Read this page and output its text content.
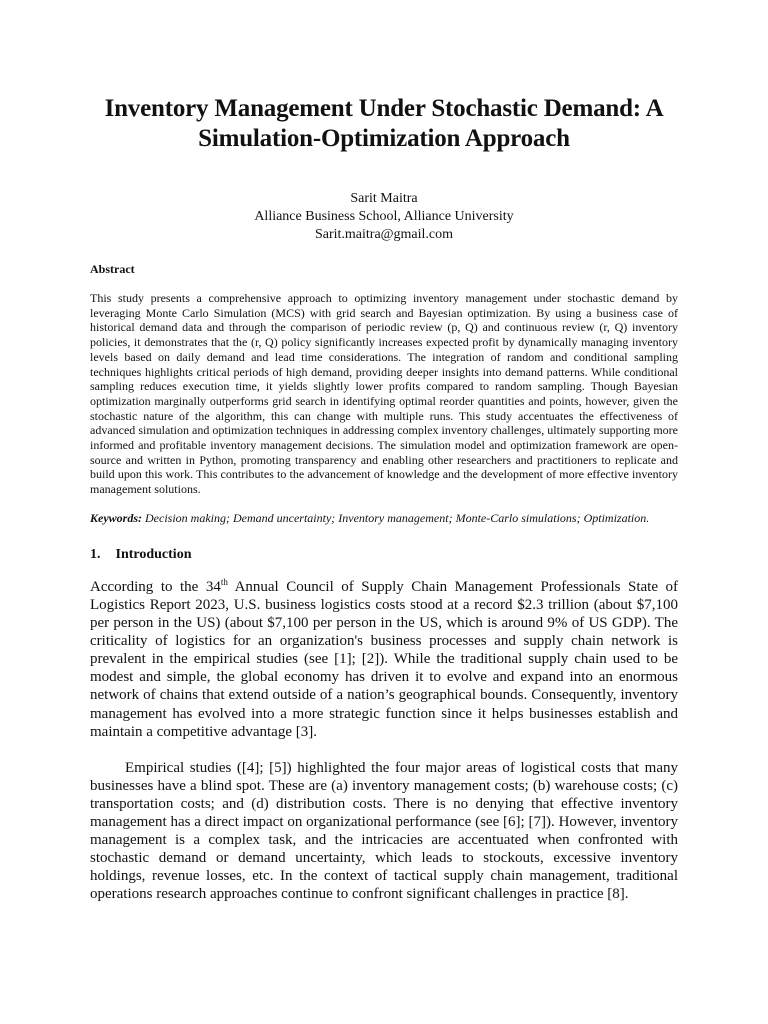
Inventory Management Under Stochastic Demand: A Simulation-Optimization Approach
Sarit Maitra
Alliance Business School, Alliance University
Sarit.maitra@gmail.com
Abstract
This study presents a comprehensive approach to optimizing inventory management under stochastic demand by leveraging Monte Carlo Simulation (MCS) with grid search and Bayesian optimization. By using a business case of historical demand data and through the comparison of periodic review (p, Q) and continuous review (r, Q) inventory policies, it demonstrates that the (r, Q) policy significantly increases expected profit by dynamically managing inventory levels based on daily demand and lead time considerations. The integration of random and conditional sampling techniques highlights critical periods of high demand, providing deeper insights into demand patterns. While conditional sampling reduces execution time, it yields slightly lower profits compared to random sampling. Though Bayesian optimization marginally outperforms grid search in identifying optimal reorder quantities and points, however, given the stochastic nature of the algorithm, this can change with multiple runs. This study accentuates the effectiveness of advanced simulation and optimization techniques in addressing complex inventory challenges, ultimately supporting more informed and profitable inventory management decisions. The simulation model and optimization framework are open-source and written in Python, promoting transparency and enabling other researchers and practitioners to replicate and build upon this work. This contributes to the advancement of knowledge and the development of more effective inventory management solutions.
Keywords: Decision making; Demand uncertainty; Inventory management; Monte-Carlo simulations; Optimization.
1. Introduction

According to the 34th Annual Council of Supply Chain Management Professionals State of Logistics Report 2023, U.S. business logistics costs stood at a record $2.3 trillion (about $7,100 per person in the US) (about $7,100 per person in the US, which is around 9% of US GDP). The criticality of logistics for an organization's business processes and supply chain network is prevalent in the empirical studies (see [1]; [2]). While the traditional supply chain used to be modest and simple, the global economy has driven it to evolve and expand into an enormous network of chains that extend outside of a nation’s geographical bounds. Consequently, inventory management has evolved into a more strategic function since it helps businesses establish and maintain a competitive advantage [3].

Empirical studies ([4]; [5]) highlighted the four major areas of logistical costs that many businesses have a blind spot. These are (a) inventory management costs; (b) warehouse costs; (c) transportation costs; and (d) distribution costs. There is no denying that effective inventory management has a direct impact on organizational performance (see [6]; [7]). However, inventory management is a complex task, and the intricacies are accentuated when confronted with stochastic demand or demand uncertainty, which leads to stockouts, excessive inventory holdings, revenue losses, etc. In the context of tactical supply chain management, traditional operations research approaches continue to confront significant challenges in practice [8].
